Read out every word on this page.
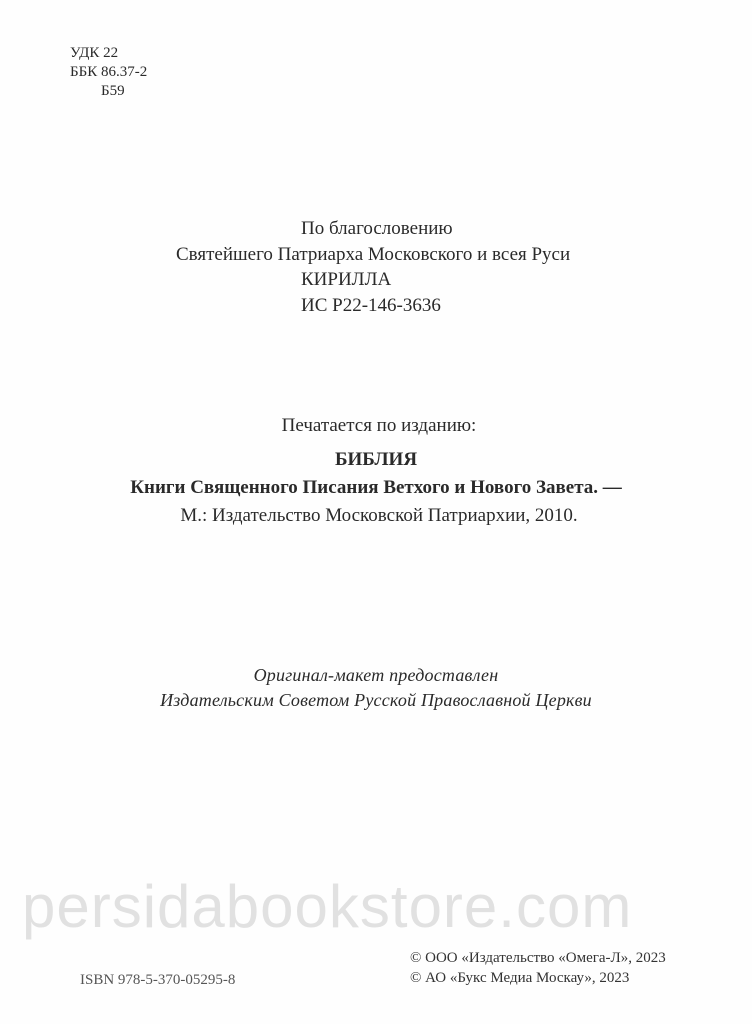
УДК 22
ББК 86.37-2
Б59
По благословению
Святейшего Патриарха Московского и всея Руси
КИРИЛЛА
ИС Р22-146-3636
Печатается по изданию:
БИБЛИЯ
Книги Священного Писания Ветхого и Нового Завета. —
М.: Издательство Московской Патриархии, 2010.
Оригинал-макет предоставлен
Издательским Советом Русской Православной Церкви
persidabookstore.com
ISBN 978-5-370-05295-8
© ООО «Издательство «Омега-Л», 2023
© АО «Букс Медиа Москау», 2023
